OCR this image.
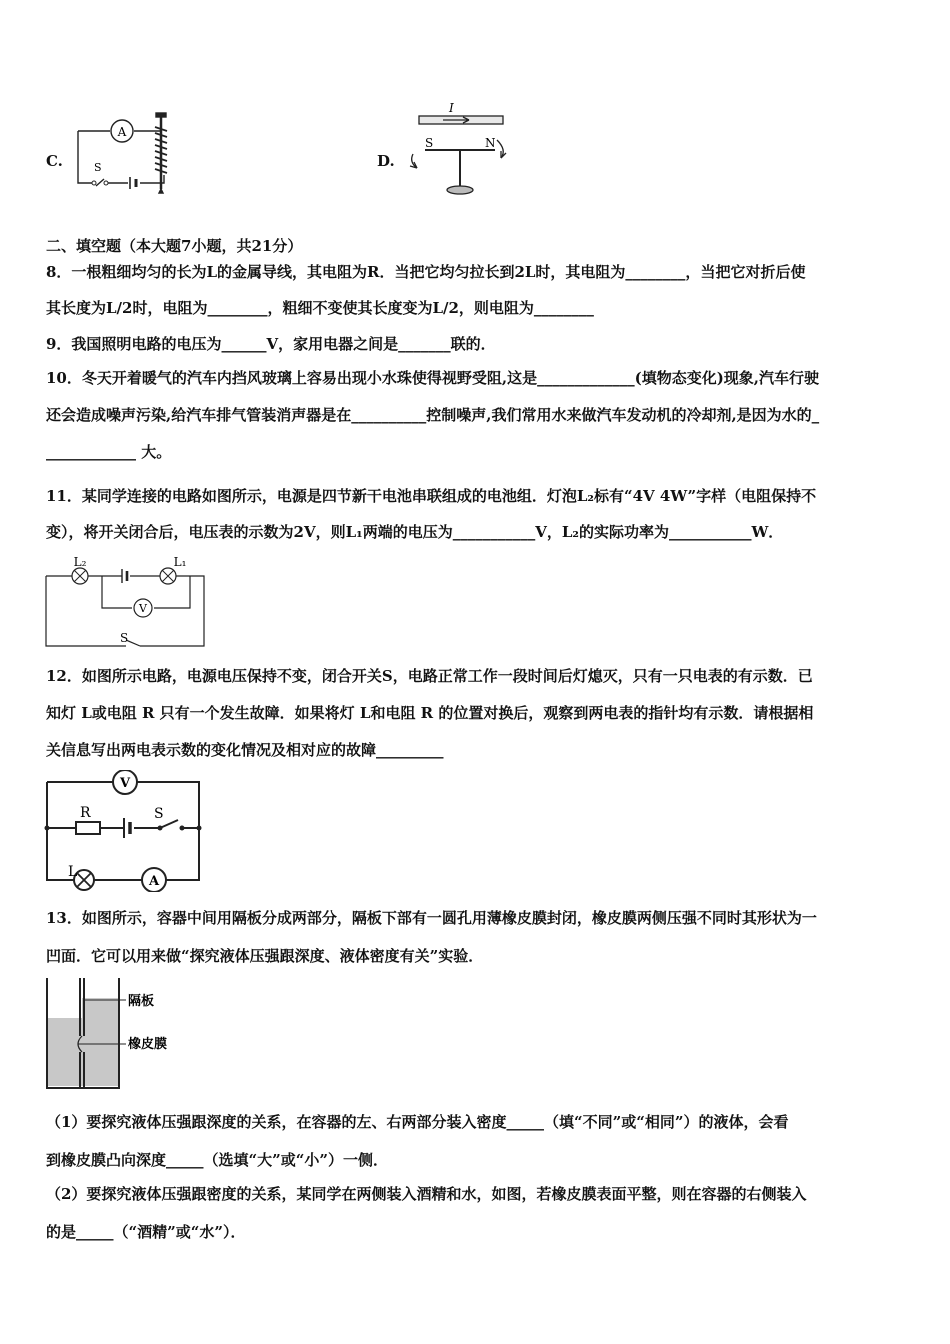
C.
A
S	D.
I
S	N
二、填空题（本大题7小题，共21分）
8．一根粗细均匀的长为L的金属导线，其电阻为R．当把它均匀拉长到2L时，其电阻为________，当把它对折后使
其长度为L/2时，电阻为________，粗细不变使其长度变为L/2，则电阻为________
9．我国照明电路的电压为______V，家用电器之间是_______联的．
10．冬天开着暖气的汽车内挡风玻璃上容易出现小水珠使得视野受阻,这是_____________(填物态变化)现象,汽车行驶
还会造成噪声污染,给汽车排气管装消声器是在__________控制噪声,我们常用水来做汽车发动机的冷却剂,是因为水的_
____________ 大。
11．某同学连接的电路如图所示，电源是四节新干电池串联组成的电池组．灯泡L₂标有“4V 4W”字样（电阻保持不
变），将开关闭合后，电压表的示数为2V，则L₁两端的电压为___________V，L₂的实际功率为___________W．
V
L₂	L₁
S
12．如图所示电路，电源电压保持不变，闭合开关S，电路正常工作一段时间后灯熄灭，只有一只电表的有示数．已
知灯 L或电阻 R 只有一个发生故障．如果将灯 L和电阻 R 的位置对换后，观察到两电表的指针均有示数．请根据相
关信息写出两电表示数的变化情况及相对应的故障_________
V
A
R	S
L
13．如图所示，容器中间用隔板分成两部分，隔板下部有一圆孔用薄橡皮膜封闭，橡皮膜两侧压强不同时其形状为一
凹面．它可以用来做“探究液体压强跟深度、液体密度有关”实验．
隔板
橡皮膜
（1）要探究液体压强跟深度的关系，在容器的左、右两部分装入密度_____（填“不同”或“相同”）的液体，会看
到橡皮膜凸向深度_____（选填“大”或“小”）一侧．
（2）要探究液体压强跟密度的关系，某同学在两侧装入酒精和水，如图，若橡皮膜表面平整，则在容器的右侧装入
的是_____（“酒精”或“水”）．
